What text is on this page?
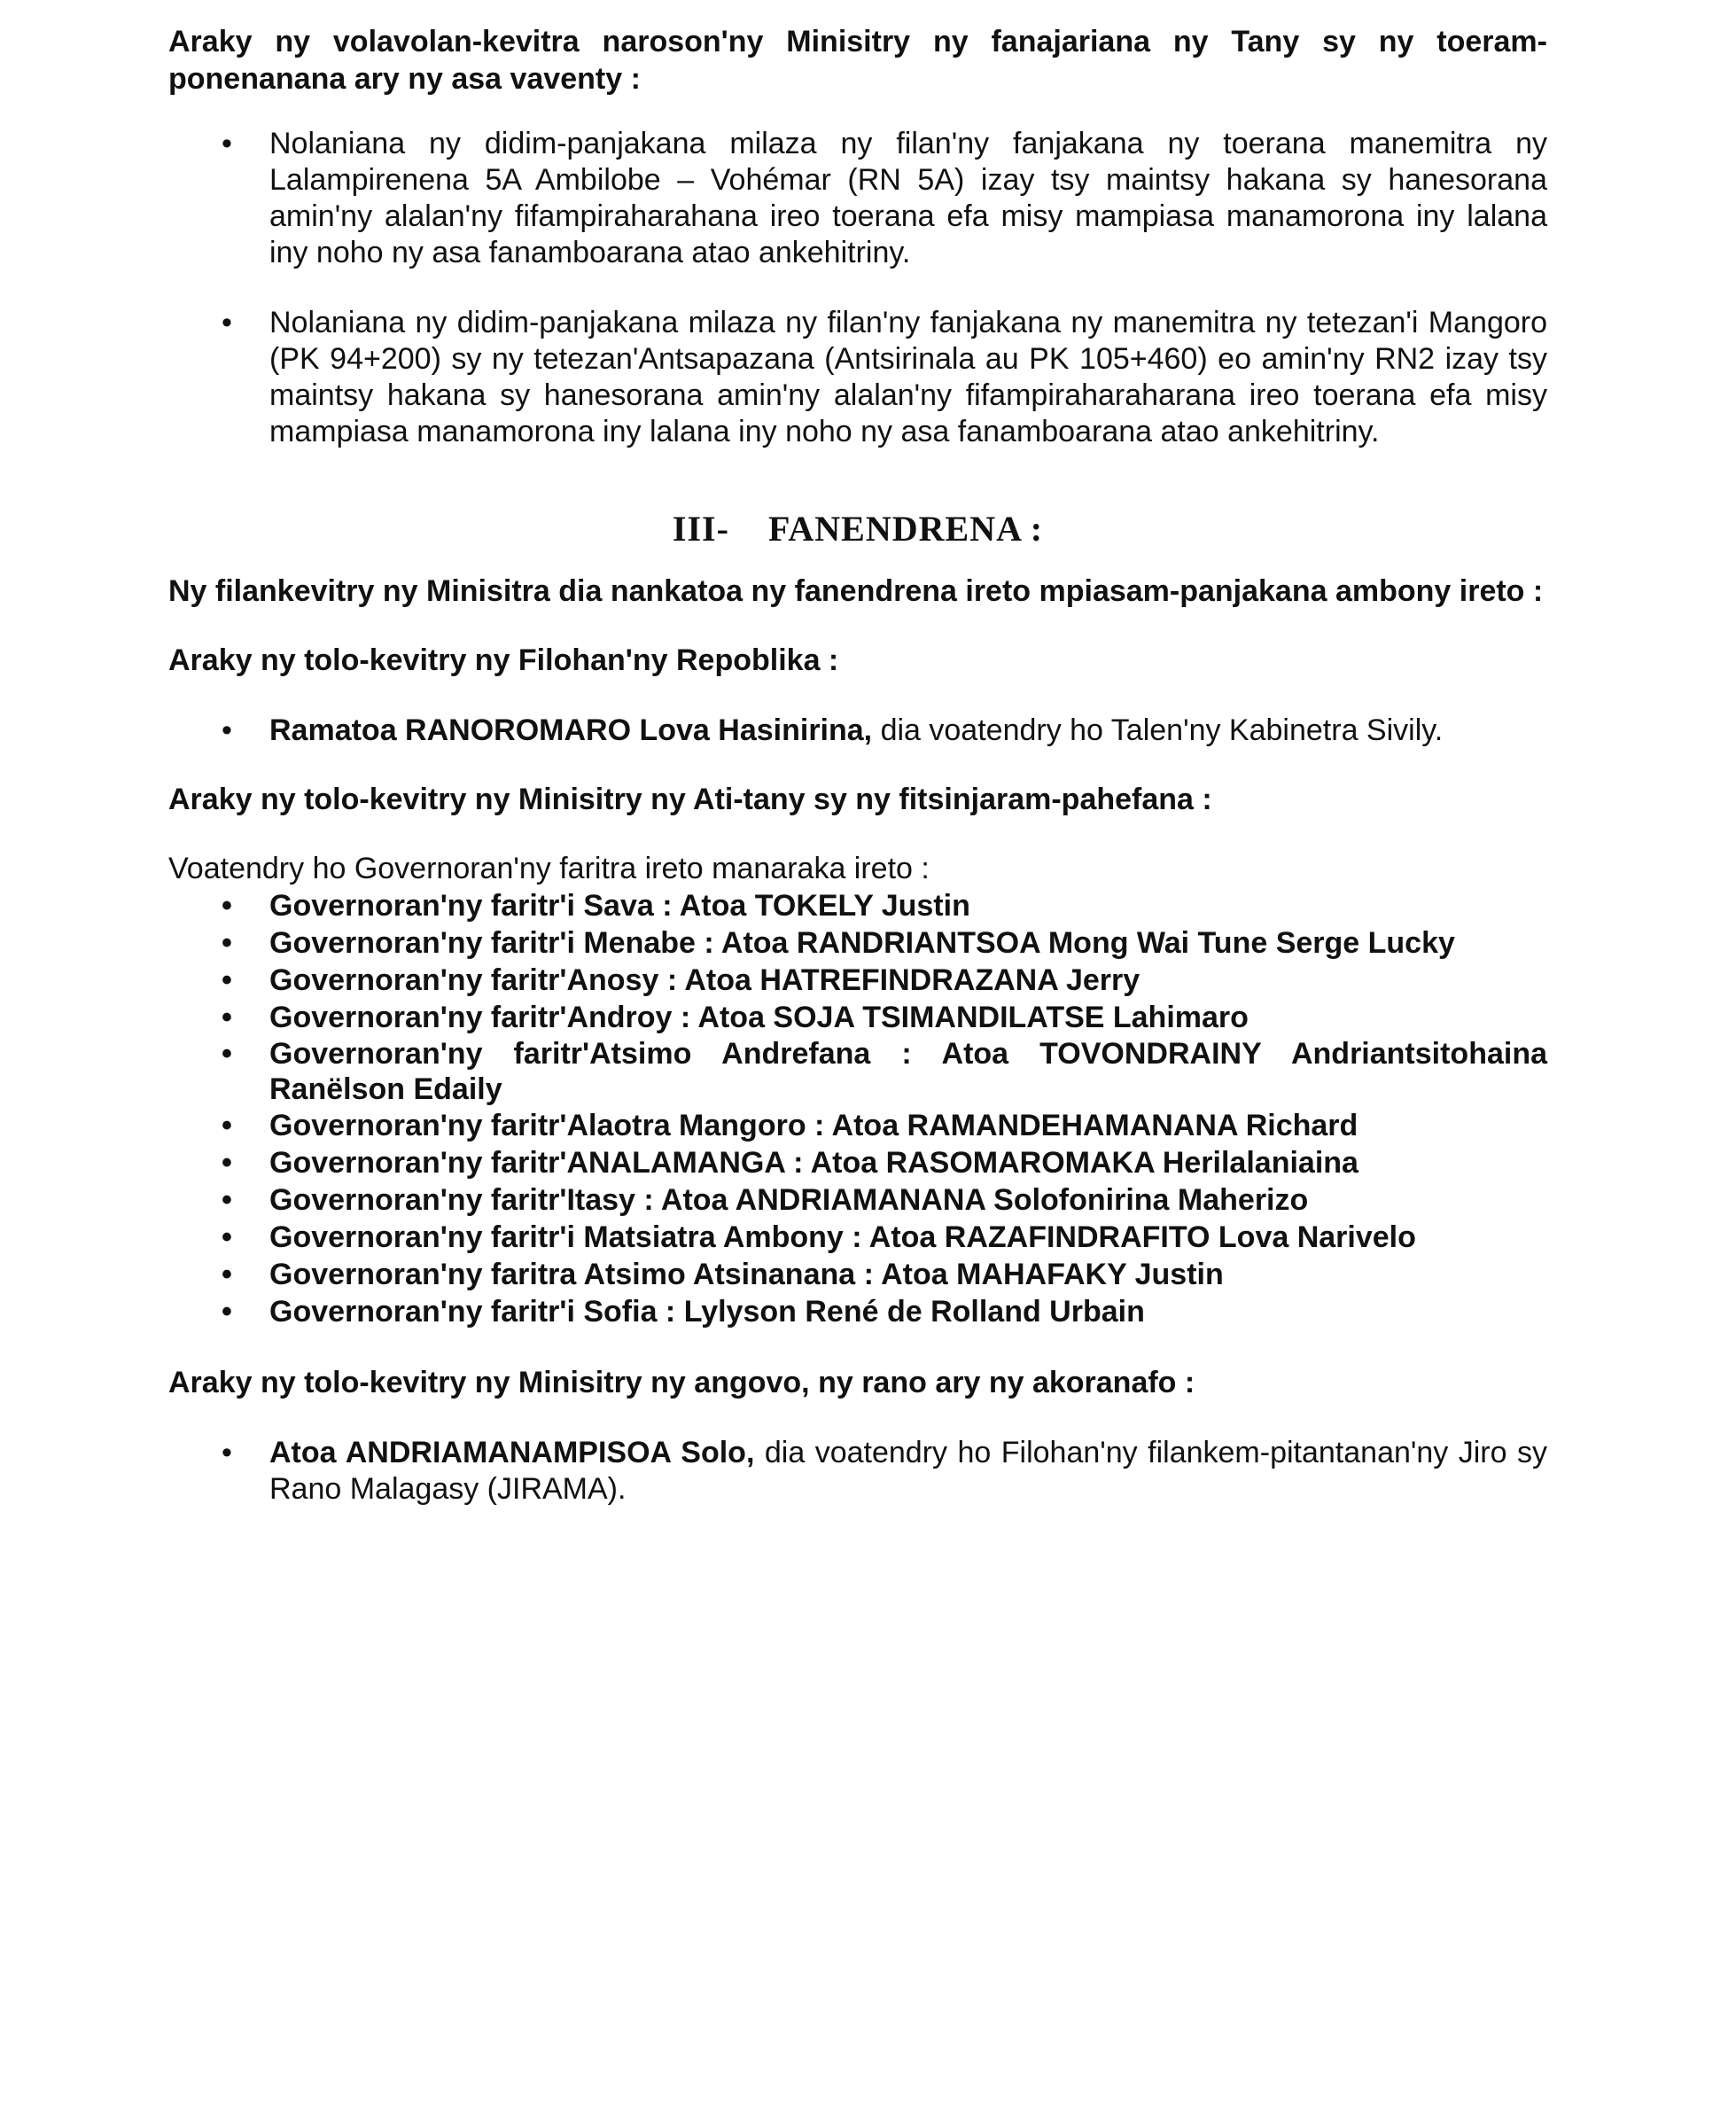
Araky ny volavolan-kevitra naroson'ny Minisitry ny fanajariana ny Tany sy ny toeram-ponenanana ary ny asa vaventy :

• Nolaniana ny didim-panjakana milaza ny filan'ny fanjakana ny toerana manemitra ny Lalampirenena 5A Ambilobe – Vohémar (RN 5A) izay tsy maintsy hakana sy hanesorana amin'ny alalan'ny fifampiraharahana ireo toerana efa misy mampiasa manamorona iny lalana iny noho ny asa fanamboarana atao ankehitriny.
• Nolaniana ny didim-panjakana milaza ny filan'ny fanjakana ny manemitra ny tetezan'i Mangoro (PK 94+200) sy ny tetezan'Antsapazana (Antsirinala au PK 105+460) eo amin'ny RN2 izay tsy maintsy hakana sy hanesorana amin'ny alalan'ny fifampiraharaharana ireo toerana efa misy mampiasa manamorona iny lalana iny noho ny asa fanamboarana atao ankehitriny.
III- FANENDRENA :

Ny filankevitry ny Minisitra dia nankatoa ny fanendrena ireto mpiasam-panjakana ambony ireto :

Araky ny tolo-kevitry ny Filohan'ny Repoblika :

• Ramatoa RANOROMARO Lova Hasinirina, dia voatendry ho Talen'ny Kabinetra Sivily.

Araky ny tolo-kevitry ny Minisitry ny Ati-tany sy ny fitsinjaram-pahefana :

Voatendry ho Governoran'ny faritra ireto manaraka ireto :

• Governoran'ny faritr'i Sava : Atoa TOKELY Justin
• Governoran'ny faritr'i Menabe : Atoa RANDRIANTSOA Mong Wai Tune Serge Lucky
• Governoran'ny faritr'Anosy : Atoa HATREFINDRAZANA Jerry
• Governoran'ny faritr'Androy : Atoa SOJA TSIMANDILATSE Lahimaro
• Governoran'ny faritr'Atsimo Andrefana : Atoa TOVONDRAINY Andriantsitohaina Ranëlson Edaily
• Governoran'ny faritr'Alaotra Mangoro : Atoa RAMANDEHAMANANA Richard
• Governoran'ny faritr'ANALAMANGA : Atoa RASOMAROMAKA Herilalaniaina
• Governoran'ny faritr'Itasy : Atoa ANDRIAMANANA Solofonirina Maherizo
• Governoran'ny faritr'i Matsiatra Ambony : Atoa RAZAFINDRAFITO Lova Narivelo
• Governoran'ny faritra Atsimo Atsinanana : Atoa MAHAFAKY Justin
• Governoran'ny faritr'i Sofia : Lylyson René de Rolland Urbain

Araky ny tolo-kevitry ny Minisitry ny angovo, ny rano ary ny akoranafo :

• Atoa ANDRIAMANAMPISOA Solo, dia voatendry ho Filohan'ny filankem-pitantanan'ny Jiro sy Rano Malagasy (JIRAMA).
